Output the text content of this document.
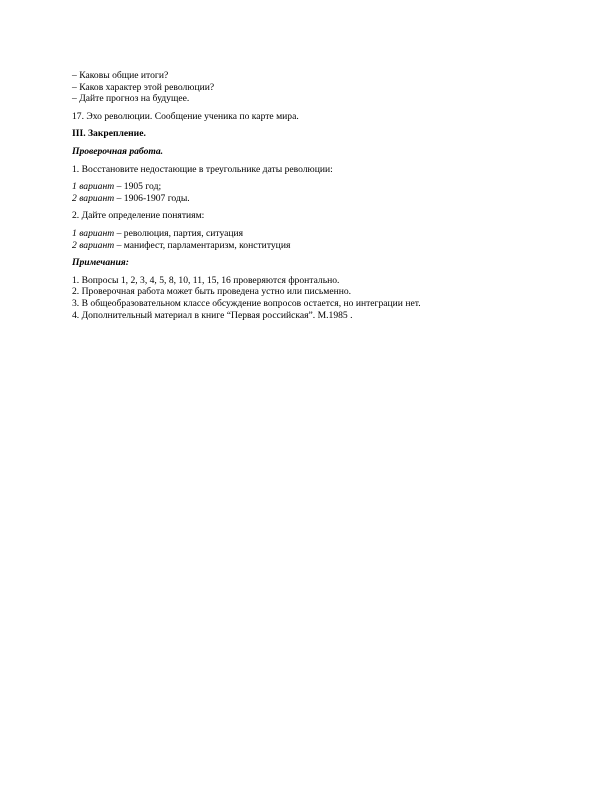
– Каковы общие итоги?

– Каков характер этой революции?

– Дайте прогноз на будущее.

17. Эхо революции. Сообщение ученика по карте мира.

III. Закрепление.

Проверочная работа.

1. Восстановите недостающие в треугольнике даты революции:

1 вариант – 1905 год;

2 вариант – 1906-1907 годы.

2. Дайте определение понятиям:

1 вариант – революция, партия, ситуация

2 вариант – манифест, парламентаризм, конституция

Примечания:

1. Вопросы 1, 2, 3, 4, 5, 8, 10, 11, 15, 16 проверяются фронтально.

2. Проверочная работа может быть проведена устно или письменно.

3. В общеобразовательном классе обсуждение вопросов остается, но интеграции нет.

4. Дополнительный материал в книге “Первая российская”. М.1985 .
